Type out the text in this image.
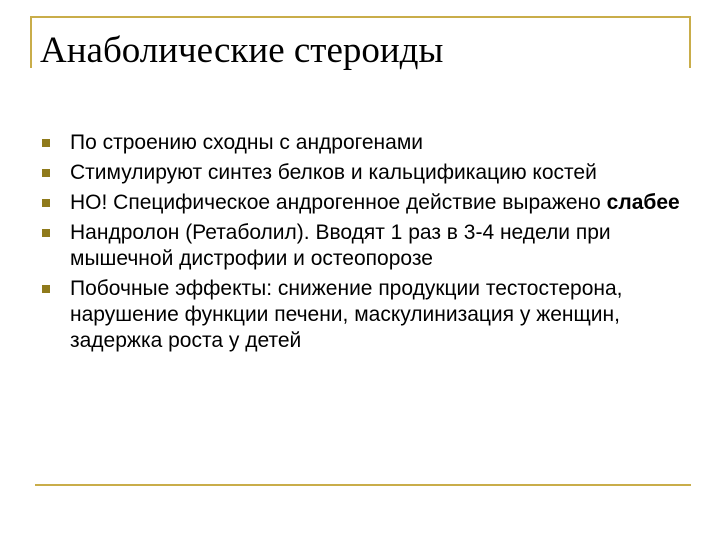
Анаболические стероиды
По строению сходны с андрогенами
Стимулируют синтез белков и кальцификацию костей
НО! Специфическое андрогенное действие выражено слабее
Нандролон (Ретаболил). Вводят 1 раз в 3-4 недели при мышечной дистрофии и остеопорозе
Побочные эффекты: снижение продукции тестостерона, нарушение функции печени, маскулинизация у женщин, задержка роста у детей
